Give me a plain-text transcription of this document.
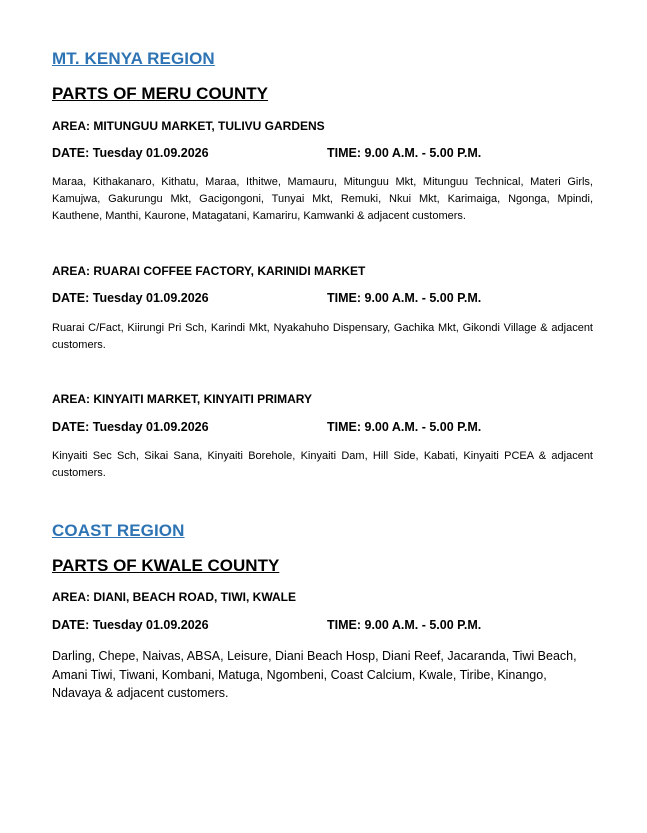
MT. KENYA REGION
PARTS OF MERU COUNTY
AREA: MITUNGUU MARKET, TULIVU GARDENS
DATE: Tuesday 01.09.2026	TIME: 9.00 A.M. - 5.00 P.M.
Maraa, Kithakanaro, Kithatu, Maraa, Ithitwe, Mamauru, Mitunguu Mkt, Mitunguu Technical, Materi Girls, Kamujwa, Gakurungu Mkt, Gacigongoni, Tunyai Mkt, Remuki, Nkui Mkt, Karimaiga, Ngonga, Mpindi, Kauthene, Manthi, Kaurone, Matagatani, Kamariru, Kamwanki & adjacent customers.
AREA: RUARAI COFFEE FACTORY, KARINIDI MARKET
DATE: Tuesday 01.09.2026	TIME: 9.00 A.M. - 5.00 P.M.
Ruarai C/Fact, Kiirungi Pri Sch, Karindi Mkt, Nyakahuho Dispensary, Gachika Mkt, Gikondi Village & adjacent customers.
AREA: KINYAITI MARKET, KINYAITI PRIMARY
DATE: Tuesday 01.09.2026	TIME: 9.00 A.M. - 5.00 P.M.
Kinyaiti Sec Sch, Sikai Sana, Kinyaiti Borehole, Kinyaiti Dam, Hill Side, Kabati, Kinyaiti PCEA & adjacent customers.
COAST REGION
PARTS OF KWALE COUNTY
AREA: DIANI, BEACH ROAD, TIWI, KWALE
DATE: Tuesday 01.09.2026	TIME: 9.00 A.M. - 5.00 P.M.
Darling, Chepe, Naivas, ABSA, Leisure, Diani Beach Hosp, Diani Reef, Jacaranda, Tiwi Beach, Amani Tiwi, Tiwani, Kombani, Matuga, Ngombeni, Coast Calcium, Kwale, Tiribe, Kinango, Ndavaya & adjacent customers.
